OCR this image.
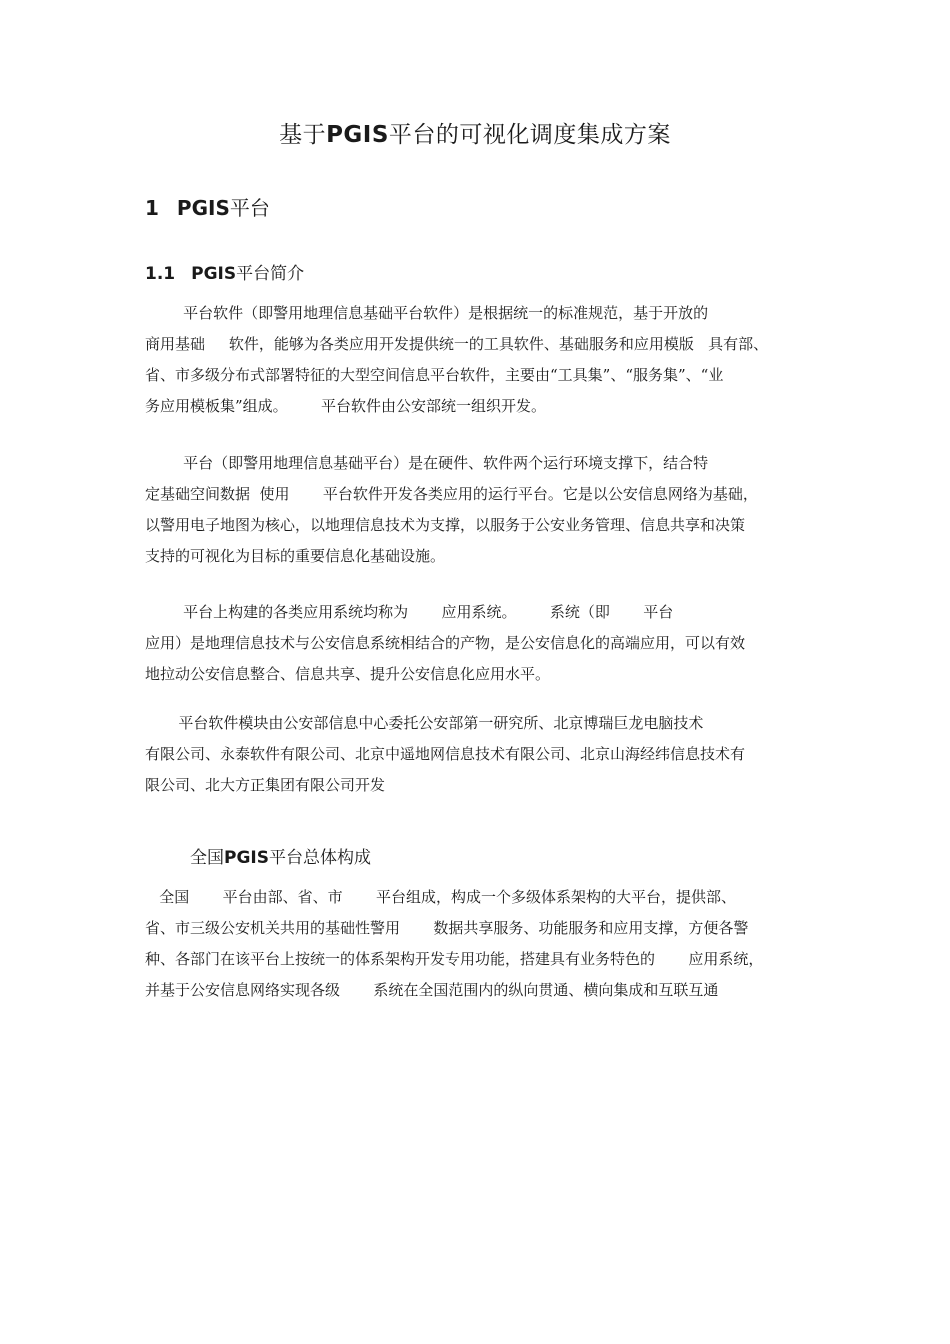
基于PGIS平台的可视化调度集成方案
1 PGIS平台
1.1 PGIS平台简介
平台软件（即警用地理信息基础平台软件）是根据统一的标准规范，基于开放的
商用基础     软件，能够为各类应用开发提供统一的工具软件、基础服务和应用模版   具有部、
省、市多级分布式部署特征的大型空间信息平台软件，主要由“工具集”、“服务集”、“业
务应用模板集”组成。       平台软件由公安部统一组织开发。
平台（即警用地理信息基础平台）是在硬件、软件两个运行环境支撑下，结合特
定基础空间数据  使用       平台软件开发各类应用的运行平台。它是以公安信息网络为基础，
以警用电子地图为核心，以地理信息技术为支撑，以服务于公安业务管理、信息共享和决策
支持的可视化为目标的重要信息化基础设施。
平台上构建的各类应用系统均称为       应用系统。       系统（即       平台
应用）是地理信息技术与公安信息系统相结合的产物，是公安信息化的高端应用，可以有效
地拉动公安信息整合、信息共享、提升公安信息化应用水平。
平台软件模块由公安部信息中心委托公安部第一研究所、北京博瑞巨龙电脑技术
有限公司、永泰软件有限公司、北京中遥地网信息技术有限公司、北京山海经纬信息技术有
限公司、北大方正集团有限公司开发
全国PGIS平台总体构成
全国       平台由部、省、市       平台组成，构成一个多级体系架构的大平台，提供部、
省、市三级公安机关共用的基础性警用       数据共享服务、功能服务和应用支撑，方便各警
种、各部门在该平台上按统一的体系架构开发专用功能，搭建具有业务特色的       应用系统，
并基于公安信息网络实现各级       系统在全国范围内的纵向贯通、横向集成和互联互通
